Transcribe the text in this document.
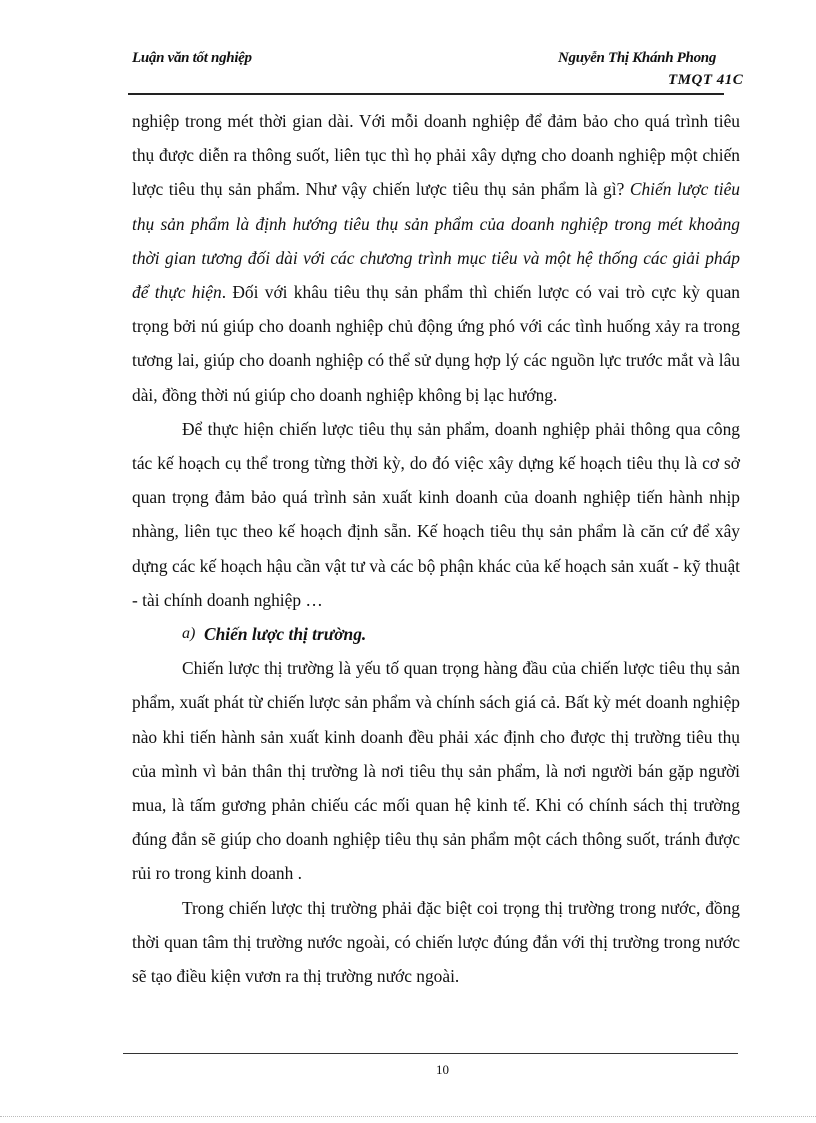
Luận văn tốt nghiệp	Nguyễn Thị Khánh Phong
TMQT 41C

nghiệp trong mét thời gian dài. Với mỗi doanh nghiệp để đảm bảo cho quá trình tiêu thụ được diễn ra thông suốt, liên tục thì họ phải xây dựng cho doanh nghiệp một chiến lược tiêu thụ sản phẩm. Như vậy chiến lược tiêu thụ sản phẩm là gì? Chiến lược tiêu thụ sản phẩm là định hướng tiêu thụ sản phẩm của doanh nghiệp trong mét khoảng thời gian tương đối dài với các chương trình mục tiêu và một hệ thống các giải pháp để thực hiện. Đối với khâu tiêu thụ sản phẩm thì chiến lược có vai trò cực kỳ quan trọng bởi nú giúp cho doanh nghiệp chủ động ứng phó với các tình huống xảy ra trong tương lai, giúp cho doanh nghiệp có thể sử dụng hợp lý các nguồn lực trước mắt và lâu dài, đồng thời nú giúp cho doanh nghiệp không bị lạc hướng.

Để thực hiện chiến lược tiêu thụ sản phẩm, doanh nghiệp phải thông qua công tác kế hoạch cụ thể trong từng thời kỳ, do đó việc xây dựng kế hoạch tiêu thụ là cơ sở quan trọng đảm bảo quá trình sản xuất kinh doanh của doanh nghiệp tiến hành nhịp nhàng, liên tục theo kế hoạch định sẵn. Kế hoạch tiêu thụ sản phẩm là căn cứ để xây dựng các kế hoạch hậu cần vật tư và các bộ phận khác của kế hoạch sản xuất - kỹ thuật - tài chính doanh nghiệp …

a) Chiến lược thị trường.

Chiến lược thị trường là yếu tố quan trọng hàng đầu của chiến lược tiêu thụ sản phẩm, xuất phát từ chiến lược sản phẩm và chính sách giá cả. Bất kỳ mét doanh nghiệp nào khi tiến hành sản xuất kinh doanh đều phải xác định cho được thị trường tiêu thụ của mình vì bản thân thị trường là nơi tiêu thụ sản phẩm, là nơi người bán gặp người mua, là tấm gương phản chiếu các mối quan hệ kinh tế. Khi có chính sách thị trường đúng đắn sẽ giúp cho doanh nghiệp tiêu thụ sản phẩm một cách thông suốt, tránh được rủi ro trong kinh doanh .

Trong chiến lược thị trường phải đặc biệt coi trọng thị trường trong nước, đồng thời quan tâm thị trường nước ngoài, có chiến lược đúng đắn với thị trường trong nước sẽ tạo điều kiện vươn ra thị trường nước ngoài.

10
